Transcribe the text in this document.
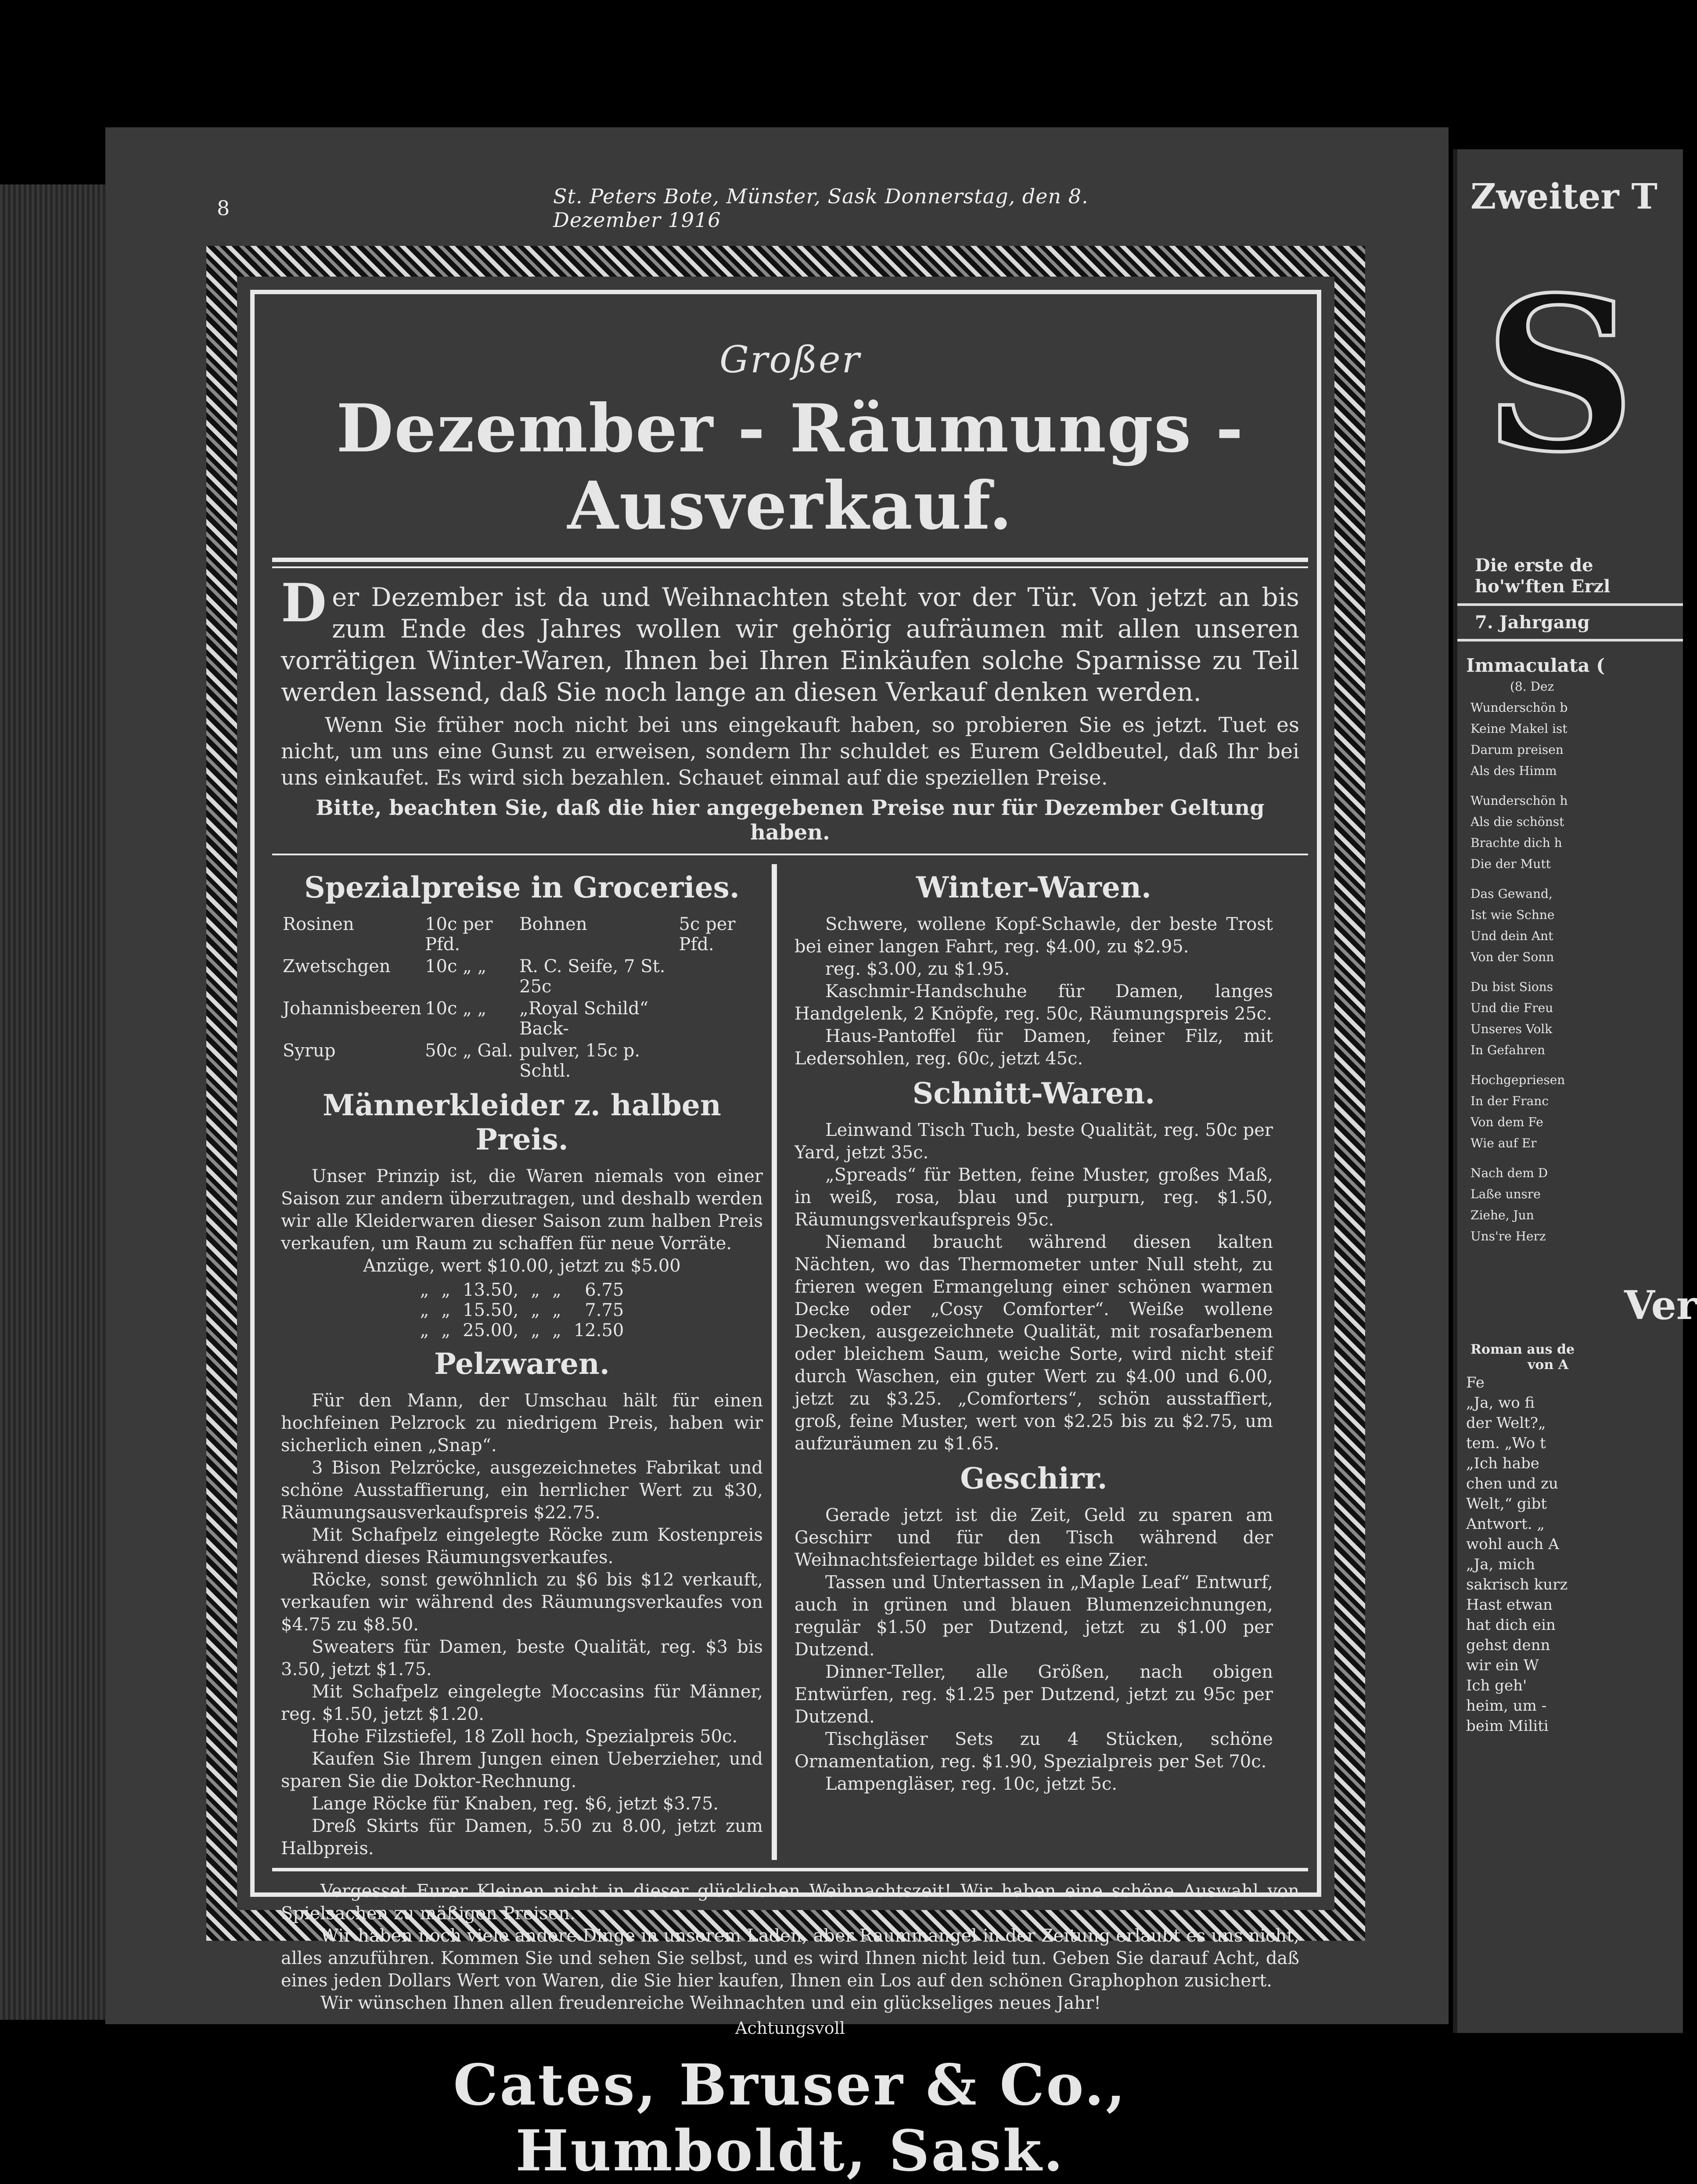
8	St. Peters Bote, Münster, Sask Donnerstag, den 8. Dezember 1916

Großer

Dezember - Räumungs - Ausverkauf.

Der Dezember ist da und Weihnachten steht vor der Tür. Von jetzt an bis zum Ende des Jahres wollen wir gehörig aufräumen mit allen unseren vorrätigen Winter-Waren, Ihnen bei Ihren Einkäufen solche Sparnisse zu Teil werden lassend, daß Sie noch lange an diesen Verkauf denken werden.

Wenn Sie früher noch nicht bei uns eingekauft haben, so probieren Sie es jetzt. Tuet es nicht, um uns eine Gunst zu erweisen, sondern Ihr schuldet es Eurem Geldbeutel, daß Ihr bei uns einkaufet. Es wird sich bezahlen. Schauet einmal auf die speziellen Preise.

Bitte, beachten Sie, daß die hier angegebenen Preise nur für Dezember Geltung haben.

Spezialpreise in Groceries.
Rosinen	10c per Pfd.	Bohnen	5c per Pfd.
Zwetschgen	10c „ „	R. C. Seife, 7 St. 25c	
Johannisbeeren	10c „ „	„Royal Schild“ Back-	
Syrup	50c „ Gal.	pulver, 15c p. Schtl.	
Männerkleider z. halben Preis.

Unser Prinzip ist, die Waren niemals von einer Saison zur andern überzutragen, und deshalb werden wir alle Kleiderwaren dieser Saison zum halben Preis verkaufen, um Raum zu schaffen für neue Vorräte.

Anzüge, wert $10.00, jetzt zu $5.00

„	„	13.50,	„	„	6.75
„	„	15.50,	„	„	7.75
„	„	25.00,	„	„	12.50
Pelzwaren.

Für den Mann, der Umschau hält für einen hochfeinen Pelzrock zu niedrigem Preis, haben wir sicherlich einen „Snap“.

3 Bison Pelzröcke, ausgezeichnetes Fabrikat und schöne Ausstaffierung, ein herrlicher Wert zu $30, Räumungsausverkaufspreis $22.75.

Mit Schafpelz eingelegte Röcke zum Kostenpreis während dieses Räumungsverkaufes.

Röcke, sonst gewöhnlich zu $6 bis $12 verkauft, verkaufen wir während des Räumungsverkaufes von $4.75 zu $8.50.

Sweaters für Damen, beste Qualität, reg. $3 bis 3.50, jetzt $1.75.

Mit Schafpelz eingelegte Moccasins für Männer, reg. $1.50, jetzt $1.20.

Hohe Filzstiefel, 18 Zoll hoch, Spezialpreis 50c.

Kaufen Sie Ihrem Jungen einen Ueberzieher, und sparen Sie die Doktor-Rechnung.

Lange Röcke für Knaben, reg. $6, jetzt $3.75.

Dreß Skirts für Damen, 5.50 zu 8.00, jetzt zum Halbpreis.

Winter-Waren.

Schwere, wollene Kopf-Schawle, der beste Trost bei einer langen Fahrt, reg. $4.00, zu $2.95.

reg. $3.00, zu $1.95.

Kaschmir-Handschuhe für Damen, langes Handgelenk, 2 Knöpfe, reg. 50c, Räumungspreis 25c.

Haus-Pantoffel für Damen, feiner Filz, mit Ledersohlen, reg. 60c, jetzt 45c.

Schnitt-Waren.

Leinwand Tisch Tuch, beste Qualität, reg. 50c per Yard, jetzt 35c.

„Spreads“ für Betten, feine Muster, großes Maß, in weiß, rosa, blau und purpurn, reg. $1.50, Räumungsverkaufspreis 95c.

Niemand braucht während diesen kalten Nächten, wo das Thermometer unter Null steht, zu frieren wegen Ermangelung einer schönen warmen Decke oder „Cosy Comforter“. Weiße wollene Decken, ausgezeichnete Qualität, mit rosafarbenem oder bleichem Saum, weiche Sorte, wird nicht steif durch Waschen, ein guter Wert zu $4.00 und 6.00, jetzt zu $3.25. „Comforters“, schön ausstaffiert, groß, feine Muster, wert von $2.25 bis zu $2.75, um aufzuräumen zu $1.65.

Geschirr.

Gerade jetzt ist die Zeit, Geld zu sparen am Geschirr und für den Tisch während der Weihnachtsfeiertage bildet es eine Zier.

Tassen und Untertassen in „Maple Leaf“ Entwurf, auch in grünen und blauen Blumenzeichnungen, regulär $1.50 per Dutzend, jetzt zu $1.00 per Dutzend.

Dinner-Teller, alle Größen, nach obigen Entwürfen, reg. $1.25 per Dutzend, jetzt zu 95c per Dutzend.

Tischgläser Sets zu 4 Stücken, schöne Ornamentation, reg. $1.90, Spezialpreis per Set 70c.

Lampengläser, reg. 10c, jetzt 5c.

Vergesset Eurer Kleinen nicht in dieser glücklichen Weihnachtszeit! Wir haben eine schöne Auswahl von Spielsachen zu mäßigen Preisen.

Wir haben noch viele andere Dinge in unserem Laden, aber Raummangel in der Zeitung erlaubt es uns nicht, alles anzuführen. Kommen Sie und sehen Sie selbst, und es wird Ihnen nicht leid tun. Geben Sie darauf Acht, daß eines jeden Dollars Wert von Waren, die Sie hier kaufen, Ihnen ein Los auf den schönen Graphophon zusichert.

Wir wünschen Ihnen allen freudenreiche Weihnachten und ein glückseliges neues Jahr!

Achtungsvoll

Cates, Bruser & Co., Humboldt, Sask.

Zweiter T
S
Die erste de
ho'w'ften Erzl
7. Jahrgang
Immaculata (
(8. Dez
Wunderschön b
Keine Makel ist
Darum preisen
Als des Himm
Wunderschön h
Als die schönst
Brachte dich h
Die der Mutt
Das Gewand,
Ist wie Schne
Und dein Ant
Von der Sonn
Du bist Sions
Und die Freu
Unseres Volk
In Gefahren
Hochgepriesen
In der Franc
Von dem Fe
Wie auf Er
Nach dem D
Laße unsre
Ziehe, Jun
Uns're Herz
Ver
Roman aus de
von A
Fe
„Ja, wo fi
der Welt?„
tem. „Wo t
„Ich habe
chen und zu
Welt,“ gibt
Antwort. „
wohl auch A
„Ja, mich
sakrisch kurz
Hast etwan
hat dich ein
gehst denn
wir ein W
Ich geh'
heim, um -
beim Militi
